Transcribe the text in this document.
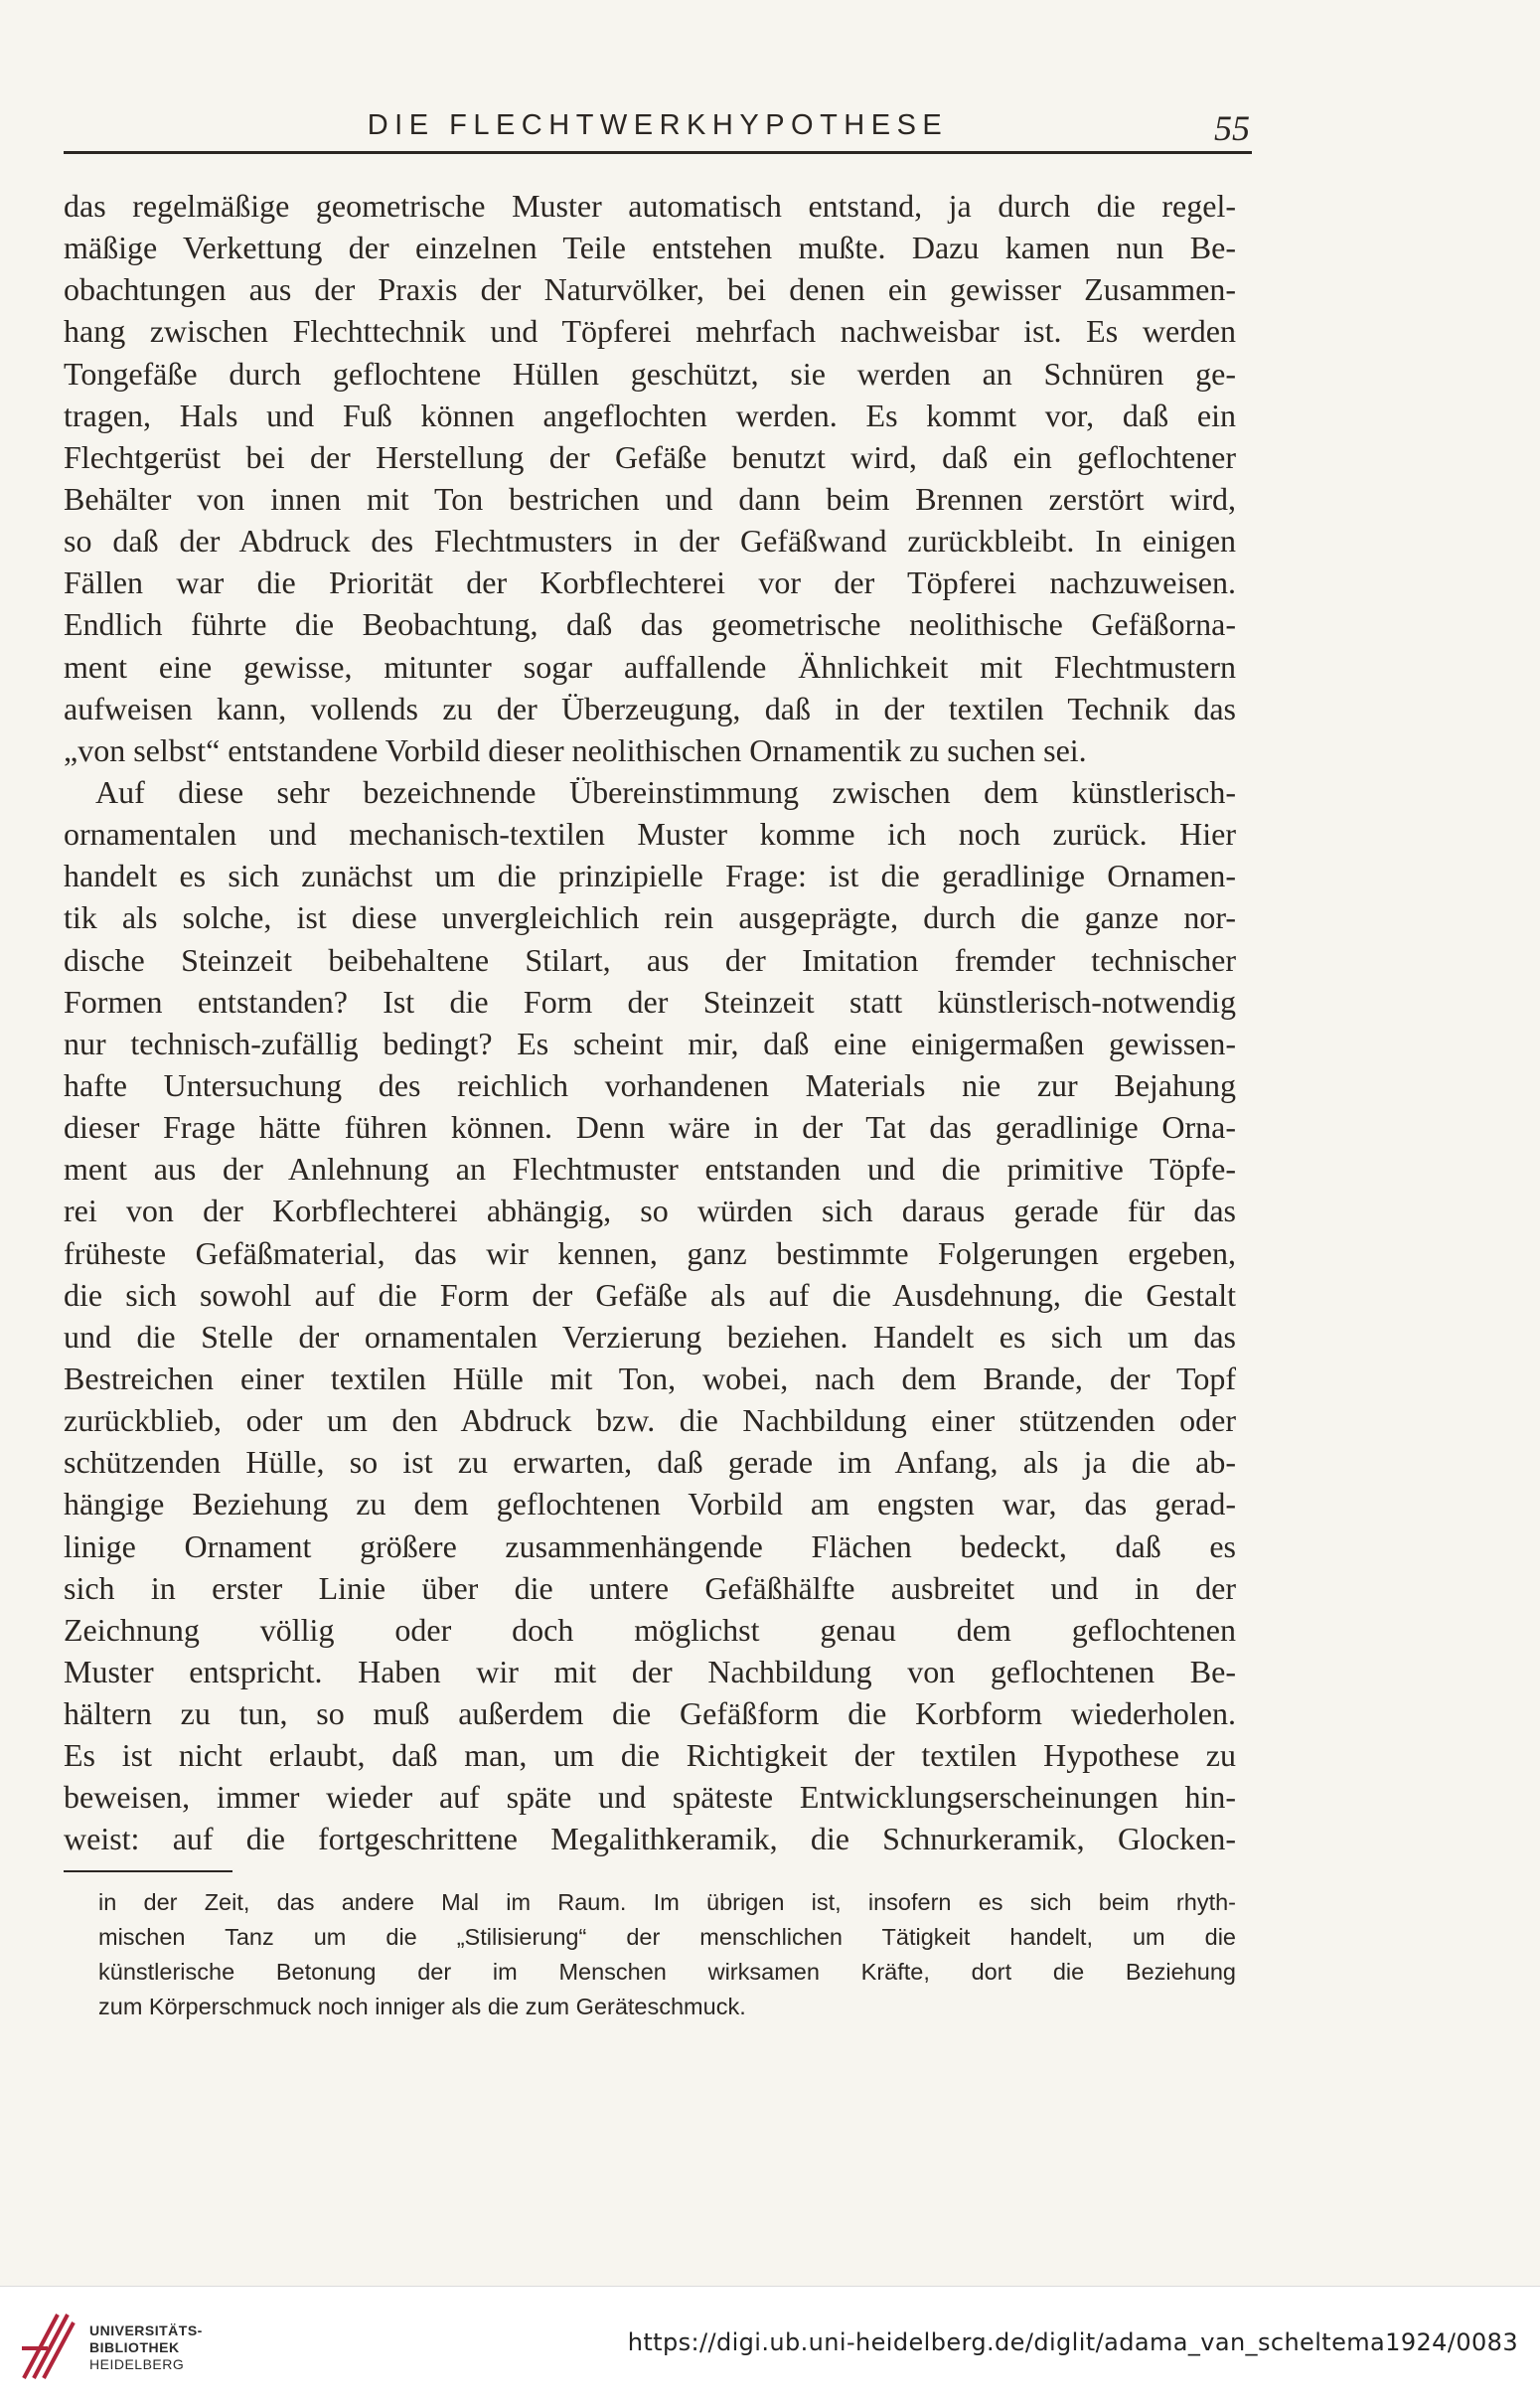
DIE FLECHTWERKHYPOTHESE	55
das regelmäßige geometrische Muster automatisch entstand, ja durch die regel-
mäßige Verkettung der einzelnen Teile entstehen mußte. Dazu kamen nun Be-
obachtungen aus der Praxis der Naturvölker, bei denen ein gewisser Zusammen-
hang zwischen Flechttechnik und Töpferei mehrfach nachweisbar ist. Es werden
Tongefäße durch geflochtene Hüllen geschützt, sie werden an Schnüren ge-
tragen, Hals und Fuß können angeflochten werden. Es kommt vor, daß ein
Flechtgerüst bei der Herstellung der Gefäße benutzt wird, daß ein geflochtener
Behälter von innen mit Ton bestrichen und dann beim Brennen zerstört wird,
so daß der Abdruck des Flechtmusters in der Gefäßwand zurückbleibt. In einigen
Fällen war die Priorität der Korbflechterei vor der Töpferei nachzuweisen.
Endlich führte die Beobachtung, daß das geometrische neolithische Gefäßorna-
ment eine gewisse, mitunter sogar auffallende Ähnlichkeit mit Flechtmustern
aufweisen kann, vollends zu der Überzeugung, daß in der textilen Technik das
„von selbst“ entstandene Vorbild dieser neolithischen Ornamentik zu suchen sei.
Auf diese sehr bezeichnende Übereinstimmung zwischen dem künstlerisch-
ornamentalen und mechanisch-textilen Muster komme ich noch zurück. Hier
handelt es sich zunächst um die prinzipielle Frage: ist die geradlinige Ornamen-
tik als solche, ist diese unvergleichlich rein ausgeprägte, durch die ganze nor-
dische Steinzeit beibehaltene Stilart, aus der Imitation fremder technischer
Formen entstanden? Ist die Form der Steinzeit statt künstlerisch-notwendig
nur technisch-zufällig bedingt? Es scheint mir, daß eine einigermaßen gewissen-
hafte Untersuchung des reichlich vorhandenen Materials nie zur Bejahung
dieser Frage hätte führen können. Denn wäre in der Tat das geradlinige Orna-
ment aus der Anlehnung an Flechtmuster entstanden und die primitive Töpfe-
rei von der Korbflechterei abhängig, so würden sich daraus gerade für das
früheste Gefäßmaterial, das wir kennen, ganz bestimmte Folgerungen ergeben,
die sich sowohl auf die Form der Gefäße als auf die Ausdehnung, die Gestalt
und die Stelle der ornamentalen Verzierung beziehen. Handelt es sich um das
Bestreichen einer textilen Hülle mit Ton, wobei, nach dem Brande, der Topf
zurückblieb, oder um den Abdruck bzw. die Nachbildung einer stützenden oder
schützenden Hülle, so ist zu erwarten, daß gerade im Anfang, als ja die ab-
hängige Beziehung zu dem geflochtenen Vorbild am engsten war, das gerad-
linige Ornament größere zusammenhängende Flächen bedeckt, daß es
sich in erster Linie über die untere Gefäßhälfte ausbreitet und in der
Zeichnung völlig oder doch möglichst genau dem geflochtenen
Muster entspricht. Haben wir mit der Nachbildung von geflochtenen Be-
hältern zu tun, so muß außerdem die Gefäßform die Korbform wiederholen.
Es ist nicht erlaubt, daß man, um die Richtigkeit der textilen Hypothese zu
beweisen, immer wieder auf späte und späteste Entwicklungserscheinungen hin-
weist: auf die fortgeschrittene Megalithkeramik, die Schnurkeramik, Glocken-
in der Zeit, das andere Mal im Raum. Im übrigen ist, insofern es sich beim rhyth-
mischen Tanz um die „Stilisierung“ der menschlichen Tätigkeit handelt, um die
künstlerische Betonung der im Menschen wirksamen Kräfte, dort die Beziehung
zum Körperschmuck noch inniger als die zum Geräteschmuck.
UNIVERSITÄTS-
BIBLIOTHEK
HEIDELBERG
https://digi.ub.uni-heidelberg.de/diglit/adama_van_scheltema1924/0083
